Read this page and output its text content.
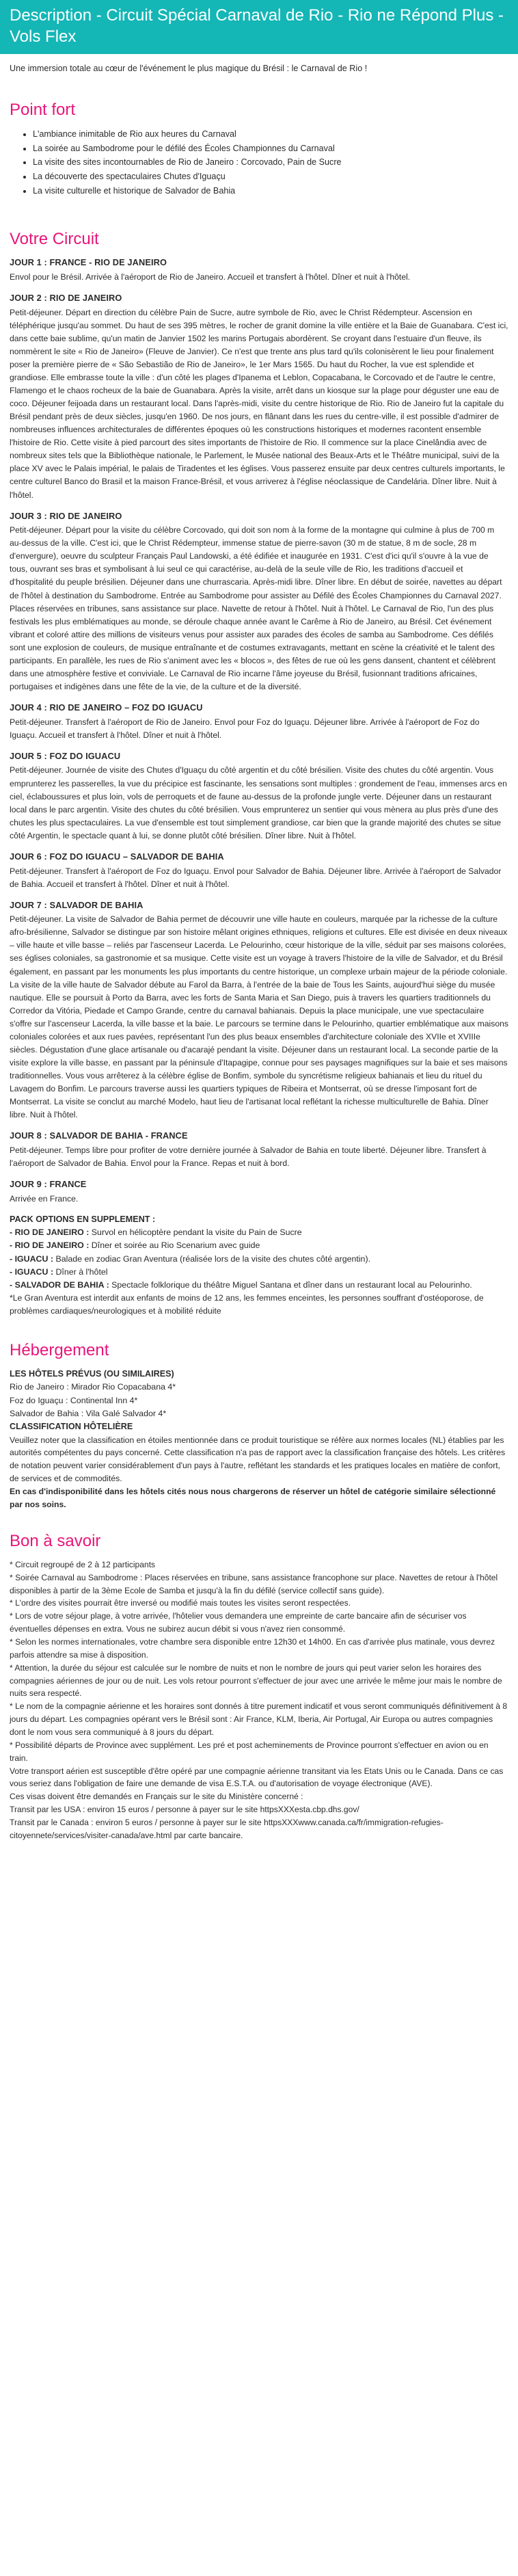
Description - Circuit Spécial Carnaval de Rio - Rio ne Répond Plus - Vols Flex

Une immersion totale au cœur de l'événement le plus magique du Brésil : le Carnaval de Rio !

Point fort
• L'ambiance inimitable de Rio aux heures du Carnaval
• La soirée au Sambodrome pour le défilé des Écoles Championnes du Carnaval
• La visite des sites incontournables de Rio de Janeiro : Corcovado, Pain de Sucre
• La découverte des spectaculaires Chutes d'Iguaçu
• La visite culturelle et historique de Salvador de Bahia
Votre Circuit

JOUR 1 : FRANCE - RIO DE JANEIRO

Envol pour le Brésil. Arrivée à l'aéroport de Rio de Janeiro. Accueil et transfert à l'hôtel. Dîner et nuit à l'hôtel.

JOUR 2 : RIO DE JANEIRO

Petit-déjeuner. Départ en direction du célèbre Pain de Sucre, autre symbole de Rio, avec le Christ Rédempteur. Ascension en téléphérique jusqu'au sommet. Du haut de ses 395 mètres, le rocher de granit domine la ville entière et la Baie de Guanabara. C'est ici, dans cette baie sublime, qu'un matin de Janvier 1502 les marins Portugais abordèrent. Se croyant dans l'estuaire d'un fleuve, ils nommèrent le site « Rio de Janeiro» (Fleuve de Janvier). Ce n'est que trente ans plus tard qu'ils colonisèrent le lieu pour finalement poser la première pierre de « São Sebastião de Rio de Janeiro», le 1er Mars 1565. Du haut du Rocher, la vue est splendide et grandiose. Elle embrasse toute la ville : d'un côté les plages d'Ipanema et Leblon, Copacabana, le Corcovado et de l'autre le centre, Flamengo et le chaos rocheux de la baie de Guanabara. Après la visite, arrêt dans un kiosque sur la plage pour déguster une eau de coco. Déjeuner feijoada dans un restaurant local. Dans l'après-midi, visite du centre historique de Rio. Rio de Janeiro fut la capitale du Brésil pendant près de deux siècles, jusqu'en 1960. De nos jours, en flânant dans les rues du centre-ville, il est possible d'admirer de nombreuses influences architecturales de différentes époques où les constructions historiques et modernes racontent ensemble l'histoire de Rio. Cette visite à pied parcourt des sites importants de l'histoire de Rio. Il commence sur la place Cinelândia avec de nombreux sites tels que la Bibliothèque nationale, le Parlement, le Musée national des Beaux-Arts et le Théâtre municipal, suivi de la place XV avec le Palais impérial, le palais de Tiradentes et les églises. Vous passerez ensuite par deux centres culturels importants, le centre culturel Banco do Brasil et la maison France-Brésil, et vous arriverez à l'église néoclassique de Candelária. Dîner libre. Nuit à l'hôtel.

JOUR 3 : RIO DE JANEIRO

Petit-déjeuner. Départ pour la visite du célèbre Corcovado, qui doit son nom à la forme de la montagne qui culmine à plus de 700 m au-dessus de la ville. C'est ici, que le Christ Rédempteur, immense statue de pierre-savon (30 m de statue, 8 m de socle, 28 m d'envergure), oeuvre du sculpteur Français Paul Landowski, a été édifiée et inaugurée en 1931. C'est d'ici qu'il s'ouvre à la vue de tous, ouvrant ses bras et symbolisant à lui seul ce qui caractérise, au-delà de la seule ville de Rio, les traditions d'accueil et d'hospitalité du peuple brésilien. Déjeuner dans une churrascaria. Après-midi libre. Dîner libre. En début de soirée, navettes au départ de l'hôtel à destination du Sambodrome. Entrée au Sambodrome pour assister au Défilé des Écoles Championnes du Carnaval 2027. Places réservées en tribunes, sans assistance sur place. Navette de retour à l'hôtel. Nuit à l'hôtel. Le Carnaval de Rio, l'un des plus festivals les plus emblématiques au monde, se déroule chaque année avant le Carême à Rio de Janeiro, au Brésil. Cet événement vibrant et coloré attire des millions de visiteurs venus pour assister aux parades des écoles de samba au Sambodrome. Ces défilés sont une explosion de couleurs, de musique entraînante et de costumes extravagants, mettant en scène la créativité et le talent des participants. En parallèle, les rues de Rio s'animent avec les « blocos », des fêtes de rue où les gens dansent, chantent et célèbrent dans une atmosphère festive et conviviale. Le Carnaval de Rio incarne l'âme joyeuse du Brésil, fusionnant traditions africaines, portugaises et indigènes dans une fête de la vie, de la culture et de la diversité.

JOUR 4 : RIO DE JANEIRO – FOZ DO IGUACU

Petit-déjeuner. Transfert à l'aéroport de Rio de Janeiro. Envol pour Foz do Iguaçu. Déjeuner libre. Arrivée à l'aéroport de Foz do Iguaçu. Accueil et transfert à l'hôtel. Dîner et nuit à l'hôtel.

JOUR 5 : FOZ DO IGUACU

Petit-déjeuner. Journée de visite des Chutes d'Iguaçu du côté argentin et du côté brésilien. Visite des chutes du côté argentin. Vous emprunterez les passerelles, la vue du précipice est fascinante, les sensations sont multiples : grondement de l'eau, immenses arcs en ciel, éclaboussures et plus loin, vols de perroquets et de faune au-dessus de la profonde jungle verte. Déjeuner dans un restaurant local dans le parc argentin. Visite des chutes du côté brésilien. Vous emprunterez un sentier qui vous mènera au plus près d'une des chutes les plus spectaculaires. La vue d'ensemble est tout simplement grandiose, car bien que la grande majorité des chutes se situe côté Argentin, le spectacle quant à lui, se donne plutôt côté brésilien. Dîner libre. Nuit à l'hôtel.

JOUR 6 : FOZ DO IGUACU – SALVADOR DE BAHIA

Petit-déjeuner. Transfert à l'aéroport de Foz do Iguaçu. Envol pour Salvador de Bahia. Déjeuner libre. Arrivée à l'aéroport de Salvador de Bahia. Accueil et transfert à l'hôtel. Dîner et nuit à l'hôtel.

JOUR 7 : SALVADOR DE BAHIA

Petit-déjeuner. La visite de Salvador de Bahia permet de découvrir une ville haute en couleurs, marquée par la richesse de la culture afro-brésilienne, Salvador se distingue par son histoire mêlant origines ethniques, religions et cultures. Elle est divisée en deux niveaux – ville haute et ville basse – reliés par l'ascenseur Lacerda. Le Pelourinho, cœur historique de la ville, séduit par ses maisons colorées, ses églises coloniales, sa gastronomie et sa musique. Cette visite est un voyage à travers l'histoire de la ville de Salvador, et du Brésil également, en passant par les monuments les plus importants du centre historique, un complexe urbain majeur de la période coloniale. La visite de la ville haute de Salvador débute au Farol da Barra, à l'entrée de la baie de Tous les Saints, aujourd'hui siège du musée nautique. Elle se poursuit à Porto da Barra, avec les forts de Santa Maria et San Diego, puis à travers les quartiers traditionnels du Corredor da Vitória, Piedade et Campo Grande, centre du carnaval bahianais. Depuis la place municipale, une vue spectaculaire s'offre sur l'ascenseur Lacerda, la ville basse et la baie. Le parcours se termine dans le Pelourinho, quartier emblématique aux maisons coloniales colorées et aux rues pavées, représentant l'un des plus beaux ensembles d'architecture coloniale des XVIIe et XVIIIe siècles. Dégustation d'une glace artisanale ou d'acarajé pendant la visite. Déjeuner dans un restaurant local. La seconde partie de la visite explore la ville basse, en passant par la péninsule d'Itapagipe, connue pour ses paysages magnifiques sur la baie et ses maisons traditionnelles. Vous vous arrêterez à la célèbre église de Bonfim, symbole du syncrétisme religieux bahianais et lieu du rituel du Lavagem do Bonfim. Le parcours traverse aussi les quartiers typiques de Ribeira et Montserrat, où se dresse l'imposant fort de Montserrat. La visite se conclut au marché Modelo, haut lieu de l'artisanat local reflétant la richesse multiculturelle de Bahia. Dîner libre. Nuit à l'hôtel.

JOUR 8 : SALVADOR DE BAHIA - FRANCE

Petit-déjeuner. Temps libre pour profiter de votre dernière journée à Salvador de Bahia en toute liberté. Déjeuner libre. Transfert à l'aéroport de Salvador de Bahia. Envol pour la France. Repas et nuit à bord.

JOUR 9 : FRANCE

Arrivée en France.

PACK OPTIONS EN SUPPLEMENT :

- RIO DE JANEIRO : Survol en hélicoptère pendant la visite du Pain de Sucre

- RIO DE JANEIRO : Dîner et soirée au Rio Scenarium avec guide

- IGUACU : Balade en zodiac Gran Aventura (réalisée lors de la visite des chutes côté argentin).

- IGUACU : Dîner à l'hôtel

- SALVADOR DE BAHIA : Spectacle folklorique du théâtre Miguel Santana et dîner dans un restaurant local au Pelourinho.

*Le Gran Aventura est interdit aux enfants de moins de 12 ans, les femmes enceintes, les personnes souffrant d'ostéoporose, de problèmes cardiaques/neurologiques et à mobilité réduite

Hébergement

LES HÔTELS PRÉVUS (OU SIMILAIRES)

Rio de Janeiro : Mirador Rio Copacabana 4*

Foz do Iguaçu : Continental Inn 4*

Salvador de Bahia : Vila Galé Salvador 4*

CLASSIFICATION HÔTELIÈRE

Veuillez noter que la classification en étoiles mentionnée dans ce produit touristique se réfère aux normes locales (NL) établies par les autorités compétentes du pays concerné. Cette classification n'a pas de rapport avec la classification française des hôtels. Les critères de notation peuvent varier considérablement d'un pays à l'autre, reflétant les standards et les pratiques locales en matière de confort, de services et de commodités.

En cas d'indisponibilité dans les hôtels cités nous nous chargerons de réserver un hôtel de catégorie similaire sélectionné par nos soins.

Bon à savoir

* Circuit regroupé de 2 à 12 participants

* Soirée Carnaval au Sambodrome : Places réservées en tribune, sans assistance francophone sur place. Navettes de retour à l'hôtel disponibles à partir de la 3ème Ecole de Samba et jusqu'à la fin du défilé (service collectif sans guide).

* L'ordre des visites pourrait être inversé ou modifié mais toutes les visites seront respectées.

* Lors de votre séjour plage, à votre arrivée, l'hôtelier vous demandera une empreinte de carte bancaire afin de sécuriser vos éventuelles dépenses en extra. Vous ne subirez aucun débit si vous n'avez rien consommé.

* Selon les normes internationales, votre chambre sera disponible entre 12h30 et 14h00. En cas d'arrivée plus matinale, vous devrez parfois attendre sa mise à disposition.

* Attention, la durée du séjour est calculée sur le nombre de nuits et non le nombre de jours qui peut varier selon les horaires des compagnies aériennes de jour ou de nuit. Les vols retour pourront s'effectuer de jour avec une arrivée le même jour mais le nombre de nuits sera respecté.

* Le nom de la compagnie aérienne et les horaires sont donnés à titre purement indicatif et vous seront communiqués définitivement à 8 jours du départ. Les compagnies opérant vers le Brésil sont : Air France, KLM, Iberia, Air Portugal, Air Europa ou autres compagnies dont le nom vous sera communiqué à 8 jours du départ.

* Possibilité départs de Province avec supplément. Les pré et post acheminements de Province pourront s'effectuer en avion ou en train.

Votre transport aérien est susceptible d'être opéré par une compagnie aérienne transitant via les Etats Unis ou le Canada. Dans ce cas vous seriez dans l'obligation de faire une demande de visa E.S.T.A. ou d'autorisation de voyage électronique (AVE).

Ces visas doivent être demandés en Français sur le site du Ministère concerné :

Transit par les USA : environ 15 euros / personne à payer sur le site httpsXXXesta.cbp.dhs.gov/

Transit par le Canada : environ 5 euros / personne à payer sur le site httpsXXXwww.canada.ca/fr/immigration-refugies-citoyennete/services/visiter-canada/ave.html par carte bancaire.
